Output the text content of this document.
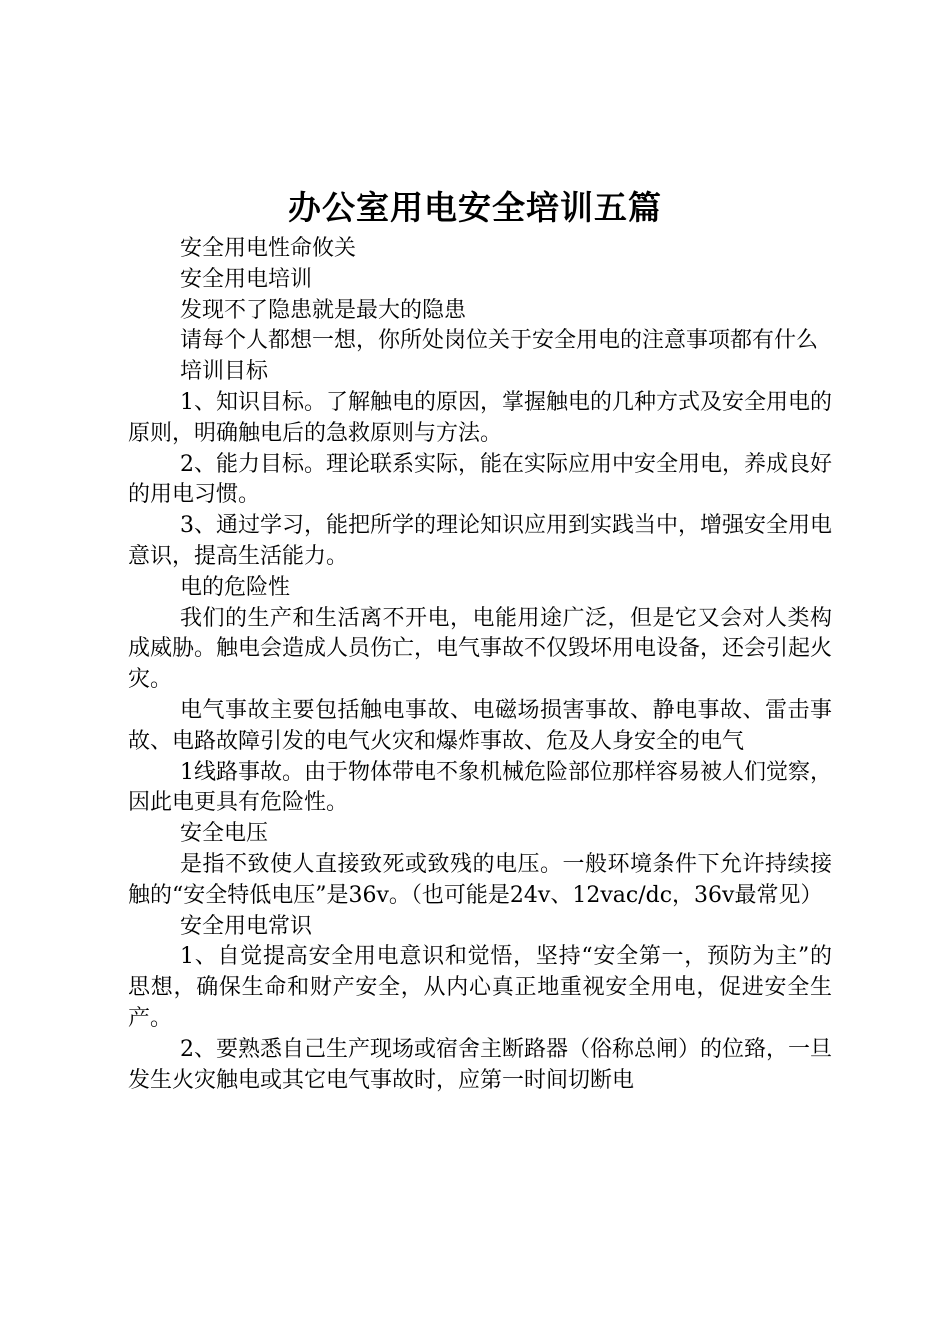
办公室用电安全培训五篇

安全用电性命攸关

安全用电培训

发现不了隐患就是最大的隐患

请每个人都想一想，你所处岗位关于安全用电的注意事项都有什么

培训目标

1、知识目标。了解触电的原因，掌握触电的几种方式及安全用电的原则，明确触电后的急救原则与方法。

2、能力目标。理论联系实际，能在实际应用中安全用电，养成良好的用电习惯。

3、通过学习，能把所学的理论知识应用到实践当中，增强安全用电意识，提高生活能力。

电的危险性

我们的生产和生活离不开电，电能用途广泛，但是它又会对人类构成威胁。触电会造成人员伤亡，电气事故不仅毁坏用电设备，还会引起火灾。

电气事故主要包括触电事故、电磁场损害事故、静电事故、雷击事故、电路故障引发的电气火灾和爆炸事故、危及人身安全的电气

1线路事故。由于物体带电不象机械危险部位那样容易被人们觉察，因此电更具有危险性。

安全电压

是指不致使人直接致死或致残的电压。一般环境条件下允许持续接触的“安全特低电压”是36v。（也可能是24v、12vac/dc，36v最常见）

安全用电常识

1、自觉提高安全用电意识和觉悟，坚持“安全第一，预防为主”的思想，确保生命和财产安全，从内心真正地重视安全用电，促进安全生产。

2、要熟悉自己生产现场或宿舍主断路器（俗称总闸）的位臵，一旦发生火灾触电或其它电气事故时，应第一时间切断电
